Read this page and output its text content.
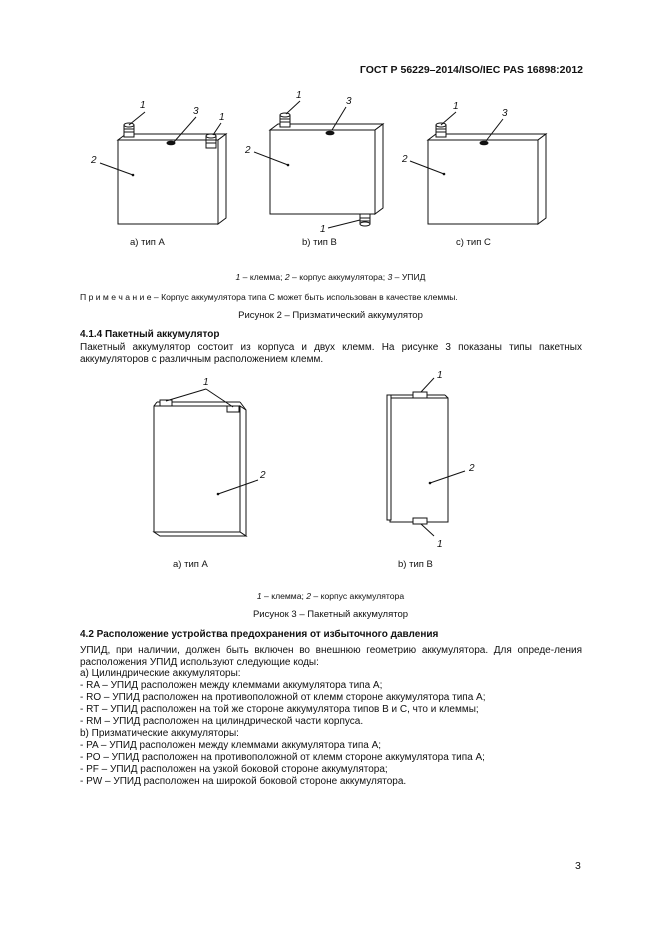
ГОСТ Р 56229–2014/ISO/IEC PAS 16898:2012
1
3
1
2
1
3
2
1
1
3
2
a) тип A	b) тип B	c) тип C
1 – клемма; 2 – корпус аккумулятора; 3 – УПИД
П р и м е ч а н и е – Корпус аккумулятора типа C может быть использован в качестве клеммы.
Рисунок 2 – Призматический аккумулятор
4.1.4 Пакетный аккумулятор
Пакетный аккумулятор состоит из корпуса и двух клемм. На рисунке 3 показаны типы пакетных аккумуляторов с различным расположением клемм.
1
2
1
2
1
a) тип A	b) тип B
1 – клемма; 2 – корпус аккумулятора
Рисунок 3 – Пакетный аккумулятор
4.2 Расположение устройства предохранения от избыточного давления
УПИД, при наличии, должен быть включен во внешнюю геометрию аккумулятора. Для опреде-ления расположения УПИД используют следующие коды:
a) Цилиндрические аккумуляторы:
- RA – УПИД расположен между клеммами аккумулятора типа A;
- RO – УПИД расположен на противоположной от клемм стороне аккумулятора типа A;
- RT – УПИД расположен на той же стороне аккумулятора типов B и C, что и клеммы;
- RM – УПИД расположен на цилиндрической части корпуса.
b) Призматические аккумуляторы:
- PA – УПИД расположен между клеммами аккумулятора типа A;
- PO – УПИД расположен на противоположной от клемм стороне аккумулятора типа A;
- PF – УПИД расположен на узкой боковой стороне аккумулятора;
- PW – УПИД расположен на широкой боковой стороне аккумулятора.
3
